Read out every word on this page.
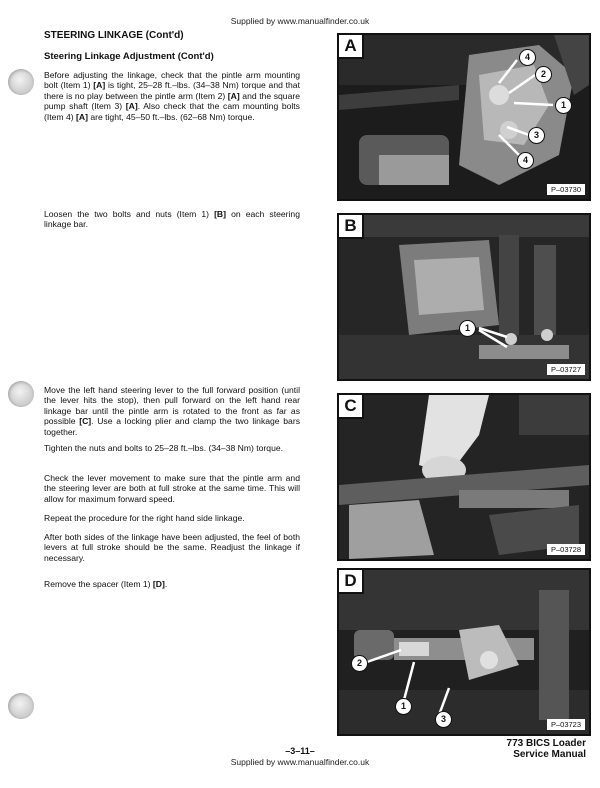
Supplied by www.manualfinder.co.uk
STEERING LINKAGE (Cont'd)
Steering Linkage Adjustment (Cont'd)
Before adjusting the linkage, check that the pintle arm mounting bolt (Item 1) [A] is tight, 25–28 ft.–lbs. (34–38 Nm) torque and that there is no play between the pintle arm (Item 2) [A] and the square pump shaft (Item 3) [A]. Also check that the cam mounting bolts (Item 4) [A] are tight, 45–50 ft.–lbs. (62–68 Nm) torque.
Loosen the two bolts and nuts (Item 1) [B] on each steering linkage bar.
Move the left hand steering lever to the full forward position (until the lever hits the stop), then pull forward on the left hand rear linkage bar until the pintle arm is rotated to the front as far as possible [C]. Use a locking plier and clamp the two linkage bars together.
Tighten the nuts and bolts to 25–28 ft.–lbs. (34–38 Nm) torque.
Check the lever movement to make sure that the pintle arm and the steering lever are both at full stroke at the same time. This will allow for maximum forward speed.
Repeat the procedure for the right hand side linkage.
After both sides of the linkage have been adjusted, the feel of both levers at full stroke should be the same. Readjust the linkage if necessary.
Remove the spacer (Item 1) [D].
A
4
2
1
3
4
P–03730
B
1
P–03727
C
P–03728
D
2
1
3
P–03723
–3–11–
773 BICS Loader
Service Manual
Supplied by www.manualfinder.co.uk
